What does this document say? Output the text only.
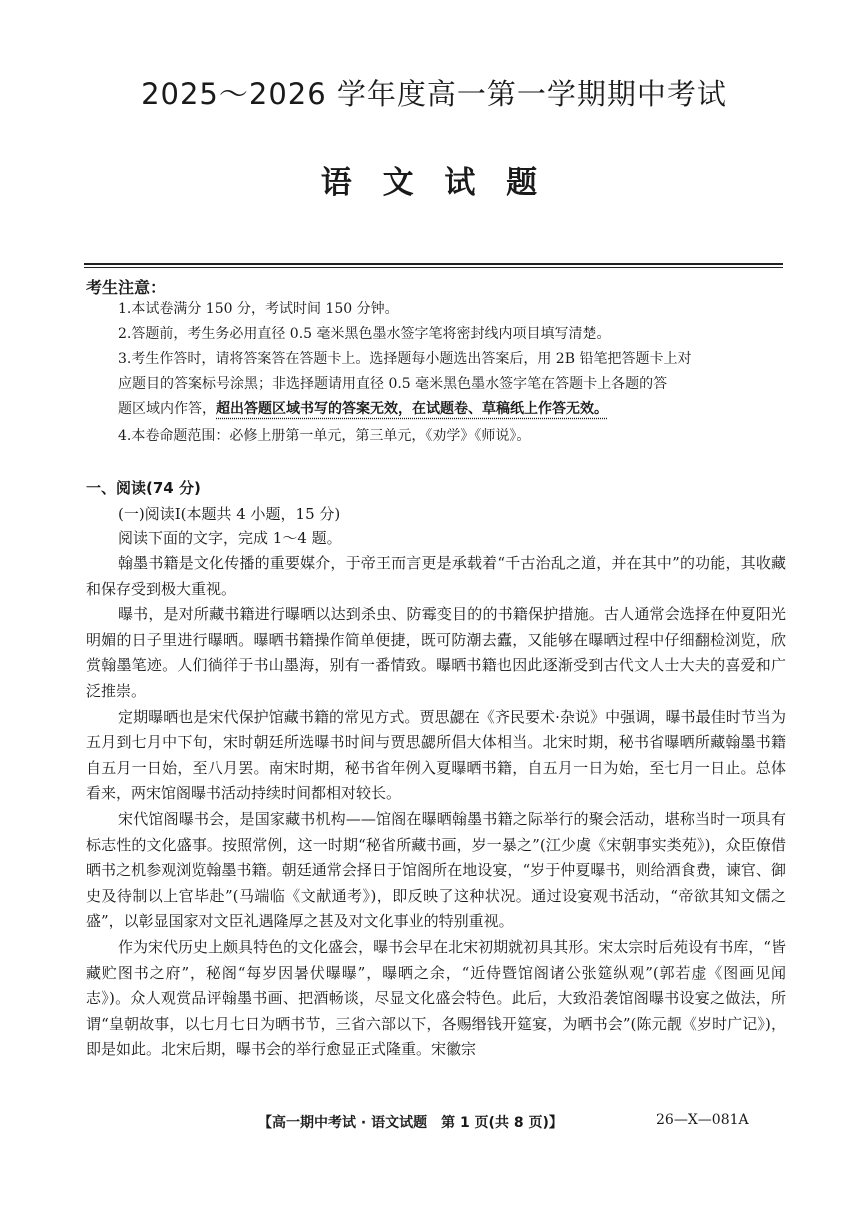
2025～2026 学年度高一第一学期期中考试
语 文 试 题
考生注意：
1.本试卷满分 150 分，考试时间 150 分钟。
2.答题前，考生务必用直径 0.5 毫米黑色墨水签字笔将密封线内项目填写清楚。
3.考生作答时，请将答案答在答题卡上。选择题每小题选出答案后，用 2B 铅笔把答题卡上对
应题目的答案标号涂黑；非选择题请用直径 0.5 毫米黑色墨水签字笔在答题卡上各题的答
题区域内作答，超出答题区域书写的答案无效，在试题卷、草稿纸上作答无效。
4.本卷命题范围：必修上册第一单元，第三单元，《劝学》《师说》。
一、阅读(74 分)
(一)阅读Ⅰ(本题共 4 小题，15 分)
阅读下面的文字，完成 1～4 题。

翰墨书籍是文化传播的重要媒介，于帝王而言更是承载着“千古治乱之道，并在其中”的功能，其收藏和保存受到极大重视。

曝书，是对所藏书籍进行曝晒以达到杀虫、防霉变目的的书籍保护措施。古人通常会选择在仲夏阳光明媚的日子里进行曝晒。曝晒书籍操作简单便捷，既可防潮去蠹，又能够在曝晒过程中仔细翻检浏览，欣赏翰墨笔迹。人们徜徉于书山墨海，别有一番情致。曝晒书籍也因此逐渐受到古代文人士大夫的喜爱和广泛推崇。

定期曝晒也是宋代保护馆藏书籍的常见方式。贾思勰在《齐民要术·杂说》中强调，曝书最佳时节当为五月到七月中下旬，宋时朝廷所选曝书时间与贾思勰所倡大体相当。北宋时期，秘书省曝晒所藏翰墨书籍自五月一日始，至八月罢。南宋时期，秘书省年例入夏曝晒书籍，自五月一日为始，至七月一日止。总体看来，两宋馆阁曝书活动持续时间都相对较长。

宋代馆阁曝书会，是国家藏书机构——馆阁在曝晒翰墨书籍之际举行的聚会活动，堪称当时一项具有标志性的文化盛事。按照常例，这一时期“秘省所藏书画，岁一暴之”(江少虞《宋朝事实类苑》)，众臣僚借晒书之机参观浏览翰墨书籍。朝廷通常会择日于馆阁所在地设宴，“岁于仲夏曝书，则给酒食费，谏官、御史及待制以上官毕赴”(马端临《文献通考》)，即反映了这种状况。通过设宴观书活动，“帝欲其知文儒之盛”，以彰显国家对文臣礼遇隆厚之甚及对文化事业的特别重视。

作为宋代历史上颇具特色的文化盛会，曝书会早在北宋初期就初具其形。宋太宗时后苑设有书库，“皆藏贮图书之府”，秘阁“每岁因暑伏曝曝”，曝晒之余，“近侍暨馆阁诸公张筵纵观”(郭若虚《图画见闻志》)。众人观赏品评翰墨书画、把酒畅谈，尽显文化盛会特色。此后，大致沿袭馆阁曝书设宴之做法，所谓“皇朝故事，以七月七日为晒书节，三省六部以下，各赐缗钱开筵宴，为晒书会”(陈元靓《岁时广记》)，即是如此。北宋后期，曝书会的举行愈显正式隆重。宋徽宗

【高一期中考试 · 语文试题　第 1 页(共 8 页)】	26—X—081A
